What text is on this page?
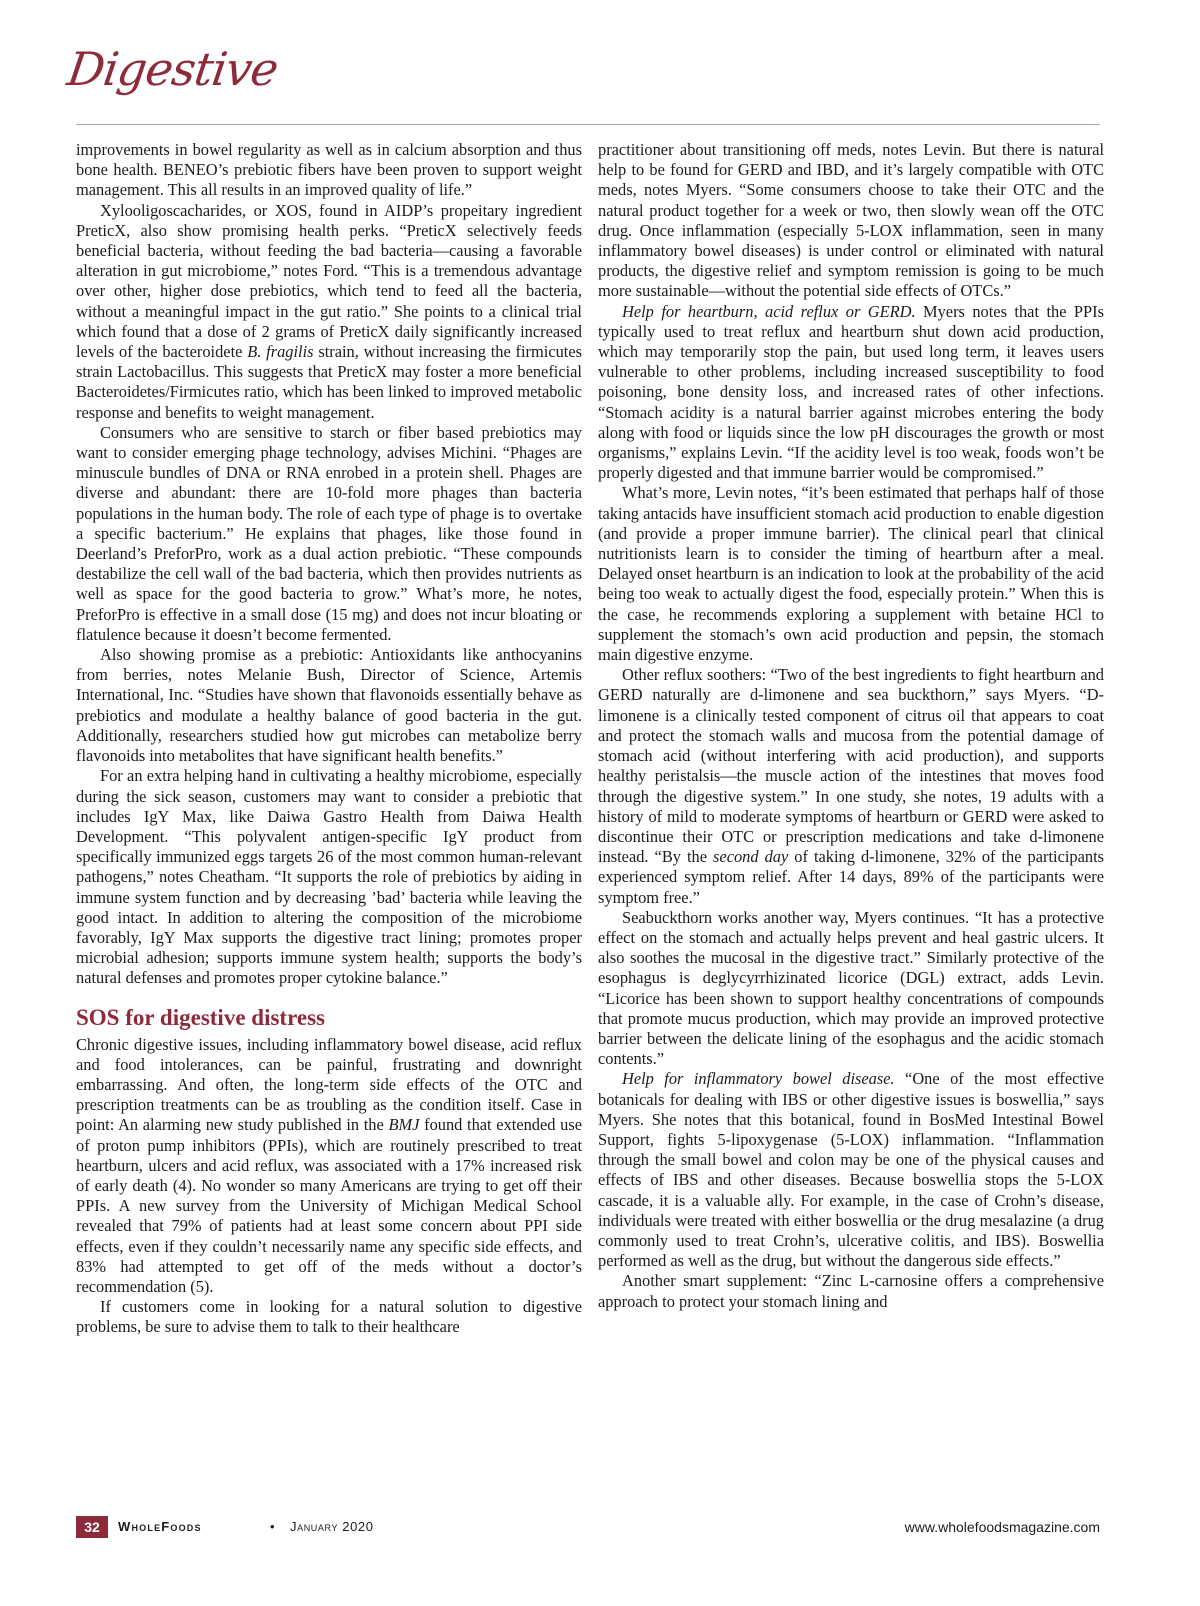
Digestive

improvements in bowel regularity as well as in calcium absorption and thus bone health. BENEO’s prebiotic fibers have been proven to support weight management. This all results in an improved quality of life.”

Xylooligoscacharides, or XOS, found in AIDP’s propeitary ingredient PreticX, also show promising health perks. “PreticX selectively feeds beneficial bacteria, without feeding the bad bacteria—causing a favorable alteration in gut microbiome,” notes Ford. “This is a tremendous advantage over other, higher dose prebiotics, which tend to feed all the bacteria, without a meaningful impact in the gut ratio.” She points to a clinical trial which found that a dose of 2 grams of PreticX daily significantly increased levels of the bacteroidete B. fragilis strain, without increasing the firmicutes strain Lactobacillus. This suggests that PreticX may foster a more beneficial Bacteroidetes/Firmicutes ratio, which has been linked to improved metabolic response and benefits to weight management.

Consumers who are sensitive to starch or fiber based prebiotics may want to consider emerging phage technology, advises Michini. “Phages are minuscule bundles of DNA or RNA enrobed in a protein shell. Phages are diverse and abundant: there are 10-fold more phages than bacteria populations in the human body. The role of each type of phage is to overtake a specific bacterium.” He explains that phages, like those found in Deerland’s PreforPro, work as a dual action prebiotic. “These compounds destabilize the cell wall of the bad bacteria, which then provides nutrients as well as space for the good bacteria to grow.” What’s more, he notes, PreforPro is effective in a small dose (15 mg) and does not incur bloating or flatulence because it doesn’t become fermented.

Also showing promise as a prebiotic: Antioxidants like anthocyanins from berries, notes Melanie Bush, Director of Science, Artemis International, Inc. “Studies have shown that flavonoids essentially behave as prebiotics and modulate a healthy balance of good bacteria in the gut. Additionally, researchers studied how gut microbes can metabolize berry flavonoids into metabolites that have significant health benefits.”

For an extra helping hand in cultivating a healthy microbiome, especially during the sick season, customers may want to consider a prebiotic that includes IgY Max, like Daiwa Gastro Health from Daiwa Health Development. “This polyvalent antigen-specific IgY product from specifically immunized eggs targets 26 of the most common human-relevant pathogens,” notes Cheatham. “It supports the role of prebiotics by aiding in immune system function and by decreasing ’bad’ bacteria while leaving the good intact. In addition to altering the composition of the microbiome favorably, IgY Max supports the digestive tract lining; promotes proper microbial adhesion; supports immune system health; supports the body’s natural defenses and promotes proper cytokine balance.”

SOS for digestive distress

Chronic digestive issues, including inflammatory bowel disease, acid reflux and food intolerances, can be painful, frustrating and downright embarrassing. And often, the long-term side effects of the OTC and prescription treatments can be as troubling as the condition itself. Case in point: An alarming new study published in the BMJ found that extended use of proton pump inhibitors (PPIs), which are routinely prescribed to treat heartburn, ulcers and acid reflux, was associated with a 17% increased risk of early death (4). No wonder so many Americans are trying to get off their PPIs. A new survey from the University of Michigan Medical School revealed that 79% of patients had at least some concern about PPI side effects, even if they couldn’t necessarily name any specific side effects, and 83% had attempted to get off of the meds without a doctor’s recommendation (5).

If customers come in looking for a natural solution to digestive problems, be sure to advise them to talk to their healthcare

practitioner about transitioning off meds, notes Levin. But there is natural help to be found for GERD and IBD, and it’s largely compatible with OTC meds, notes Myers. “Some consumers choose to take their OTC and the natural product together for a week or two, then slowly wean off the OTC drug. Once inflammation (especially 5-LOX inflammation, seen in many inflammatory bowel diseases) is under control or eliminated with natural products, the digestive relief and symptom remission is going to be much more sustainable—without the potential side effects of OTCs.”

Help for heartburn, acid reflux or GERD. Myers notes that the PPIs typically used to treat reflux and heartburn shut down acid production, which may temporarily stop the pain, but used long term, it leaves users vulnerable to other problems, including increased susceptibility to food poisoning, bone density loss, and increased rates of other infections. “Stomach acidity is a natural barrier against microbes entering the body along with food or liquids since the low pH discourages the growth or most organisms,” explains Levin. “If the acidity level is too weak, foods won’t be properly digested and that immune barrier would be compromised.”

What’s more, Levin notes, “it’s been estimated that perhaps half of those taking antacids have insufficient stomach acid production to enable digestion (and provide a proper immune barrier). The clinical pearl that clinical nutritionists learn is to consider the timing of heartburn after a meal. Delayed onset heartburn is an indication to look at the probability of the acid being too weak to actually digest the food, especially protein.” When this is the case, he recommends exploring a supplement with betaine HCl to supplement the stomach’s own acid production and pepsin, the stomach main digestive enzyme.

Other reflux soothers: “Two of the best ingredients to fight heartburn and GERD naturally are d-limonene and sea buckthorn,” says Myers. “D-limonene is a clinically tested component of citrus oil that appears to coat and protect the stomach walls and mucosa from the potential damage of stomach acid (without interfering with acid production), and supports healthy peristalsis—the muscle action of the intestines that moves food through the digestive system.” In one study, she notes, 19 adults with a history of mild to moderate symptoms of heartburn or GERD were asked to discontinue their OTC or prescription medications and take d-limonene instead. “By the second day of taking d-limonene, 32% of the participants experienced symptom relief. After 14 days, 89% of the participants were symptom free.”

Seabuckthorn works another way, Myers continues. “It has a protective effect on the stomach and actually helps prevent and heal gastric ulcers. It also soothes the mucosal in the digestive tract.” Similarly protective of the esophagus is deglycyrrhizinated licorice (DGL) extract, adds Levin. “Licorice has been shown to support healthy concentrations of compounds that promote mucus production, which may provide an improved protective barrier between the delicate lining of the esophagus and the acidic stomach contents.”

Help for inflammatory bowel disease. “One of the most effective botanicals for dealing with IBS or other digestive issues is boswellia,” says Myers. She notes that this botanical, found in BosMed Intestinal Bowel Support, fights 5-lipoxygenase (5-LOX) inflammation. “Inflammation through the small bowel and colon may be one of the physical causes and effects of IBS and other diseases. Because boswellia stops the 5-LOX cascade, it is a valuable ally. For example, in the case of Crohn’s disease, individuals were treated with either boswellia or the drug mesalazine (a drug commonly used to treat Crohn’s, ulcerative colitis, and IBS). Boswellia performed as well as the drug, but without the dangerous side effects.”

Another smart supplement: “Zinc L-carnosine offers a comprehensive approach to protect your stomach lining and

32	WholeFoods	• January 2020	www.wholefoodsmagazine.com
